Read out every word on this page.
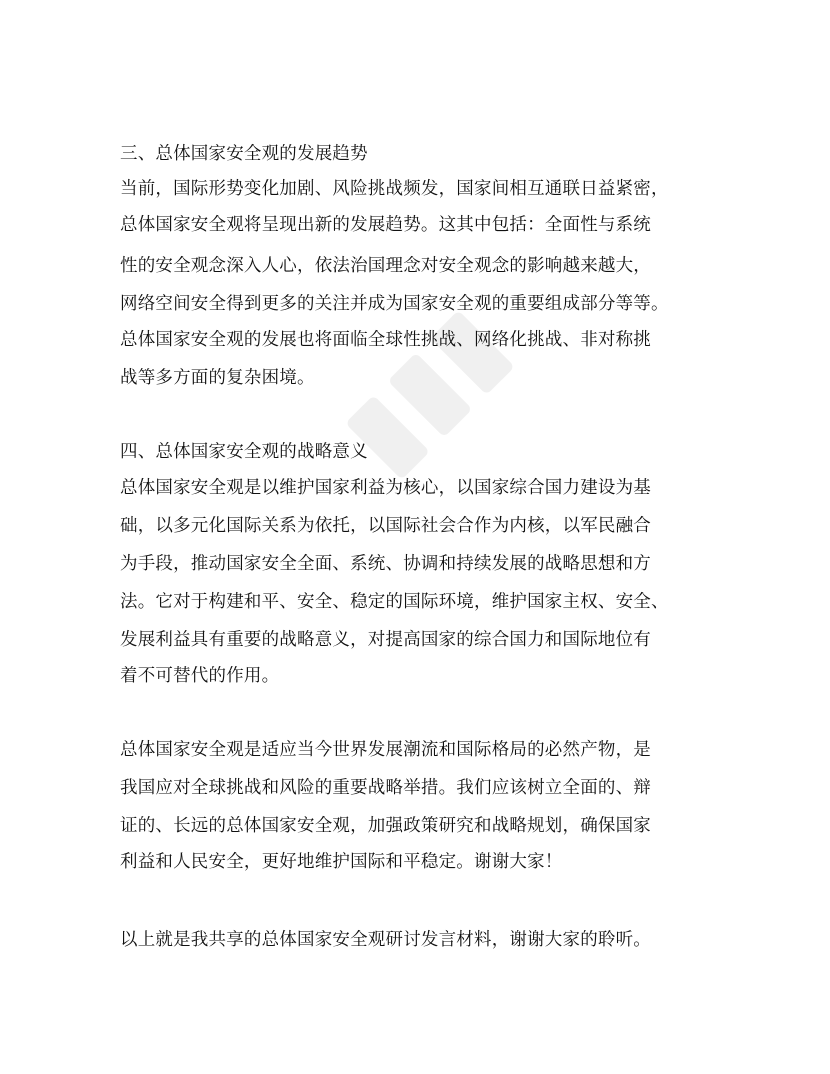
三、总体国家安全观的发展趋势
当前，国际形势变化加剧、风险挑战频发，国家间相互通联日益紧密，
总体国家安全观将呈现出新的发展趋势。这其中包括：全面性与系统
性的安全观念深入人心，依法治国理念对安全观念的影响越来越大，
网络空间安全得到更多的关注并成为国家安全观的重要组成部分等等。
总体国家安全观的发展也将面临全球性挑战、网络化挑战、非对称挑
战等多方面的复杂困境。
四、总体国家安全观的战略意义
总体国家安全观是以维护国家利益为核心，以国家综合国力建设为基
础，以多元化国际关系为依托，以国际社会合作为内核，以军民融合
为手段，推动国家安全全面、系统、协调和持续发展的战略思想和方
法。它对于构建和平、安全、稳定的国际环境，维护国家主权、安全、
发展利益具有重要的战略意义，对提高国家的综合国力和国际地位有
着不可替代的作用。
总体国家安全观是适应当今世界发展潮流和国际格局的必然产物，是
我国应对全球挑战和风险的重要战略举措。我们应该树立全面的、辩
证的、长远的总体国家安全观，加强政策研究和战略规划，确保国家
利益和人民安全，更好地维护国际和平稳定。谢谢大家！
以上就是我共享的总体国家安全观研讨发言材料，谢谢大家的聆听。
